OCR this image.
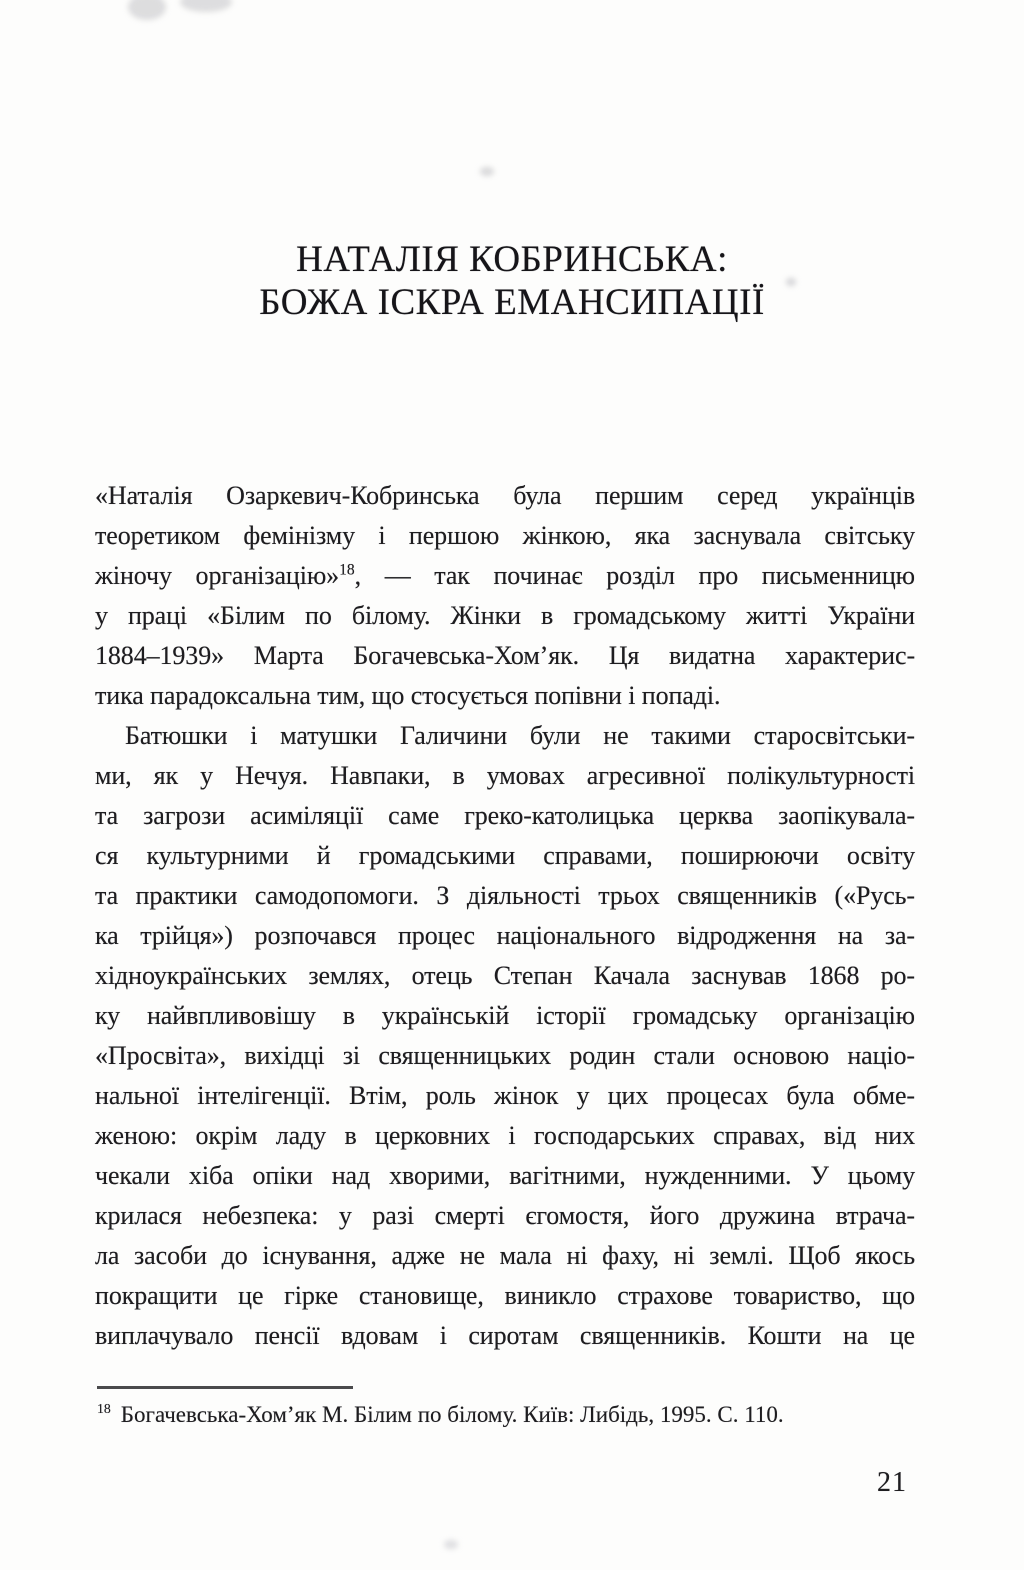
НАТАЛІЯ КОБРИНСЬКА:
БОЖА ІСКРА ЕМАНСИПАЦІЇ
«Наталія Озаркевич-Кобринська була першим серед українців
теоретиком фемінізму і першою жінкою, яка заснувала світську
жіночу організацію»$^{18}$, — так починає розділ про письменницю
у праці «Білим по білому. Жінки в громадському житті України
1884–1939» Марта Богачевська-Хом’як. Ця видатна характерис-
тика парадоксальна тим, що стосується попівни і попаді.
Батюшки і матушки Галичини були не такими старосвітськи-
ми, як у Нечуя. Навпаки, в умовах агресивної полікультурності
та загрози асиміляції саме греко-католицька церква заопікувала-
ся культурними й громадськими справами, поширюючи освіту
та практики самодопомоги. З діяльності трьох священників («Русь-
ка трійця») розпочався процес національного відродження на за-
хідноукраїнських землях, отець Степан Качала заснував 1868 ро-
ку найвпливовішу в українській історії громадську організацію
«Просвіта», вихідці зі священницьких родин стали основою націо-
нальної інтелігенції. Втім, роль жінок у цих процесах була обме-
женою: окрім ладу в церковних і господарських справах, від них
чекали хіба опіки над хворими, вагітними, нужденними. У цьому
крилася небезпека: у разі смерті єгомостя, його дружина втрача-
ла засоби до існування, адже не мала ні фаху, ні землі. Щоб якось
покращити це гірке становище, виникло страхове товариство, що
виплачувало пенсії вдовам і сиротам священників. Кошти на це
$^{18}$ Богачевська-Хом’як М. Білим по білому. Київ: Либідь, 1995. С. 110.
21
